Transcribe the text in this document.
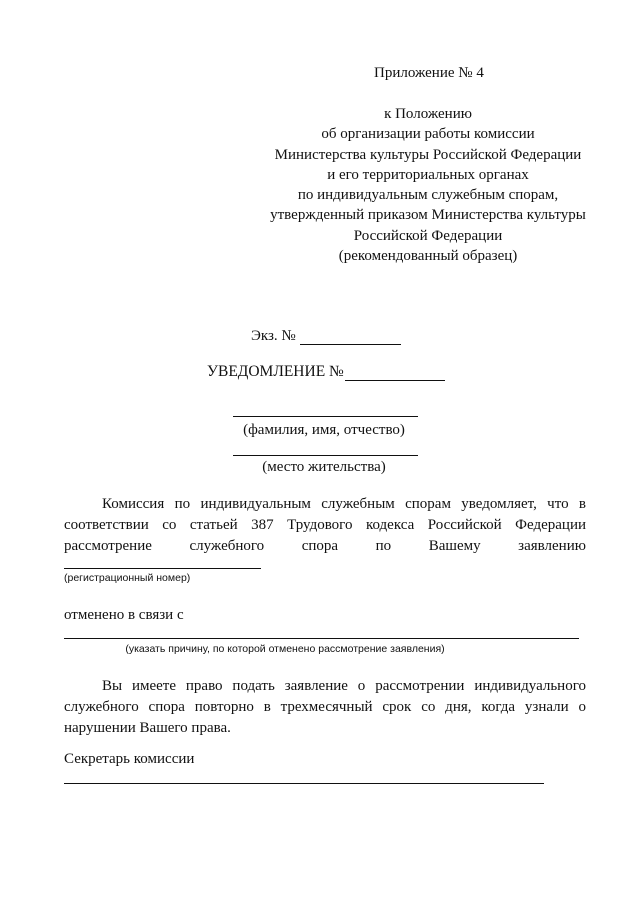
Приложение № 4
к Положению
об организации работы комиссии
Министерства культуры Российской Федерации
и его территориальных органах
по индивидуальным служебным спорам,
утвержденный приказом Министерства культуры
Российской Федерации
(рекомендованный образец)
Экз. №
УВЕДОМЛЕНИЕ №
(фамилия, имя, отчество)
(место жительства)
Комиссия по индивидуальным служебным спорам уведомляет, что в
соответствии со статьей 387 Трудового кодекса Российской Федерации
рассмотрение	служебного	спора	по	Вашему	заявлению
(регистрационный номер)
отменено в связи с
(указать причину, по которой отменено рассмотрение заявления)
Вы имеете право подать заявление о рассмотрении индивидуального
служебного спора повторно в трехмесячный срок со дня, когда узнали о
нарушении Вашего права.
Секретарь комиссии
